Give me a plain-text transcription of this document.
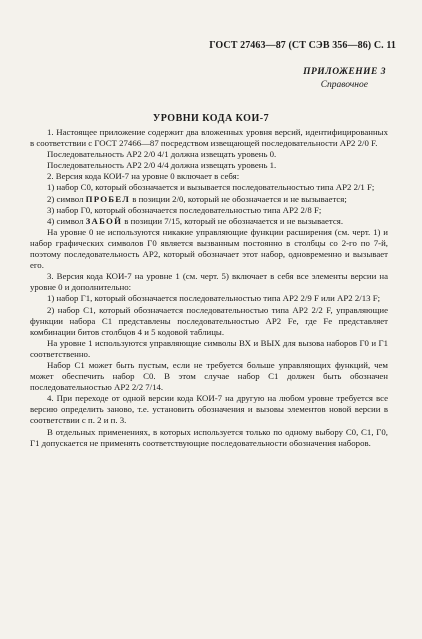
ГОСТ 27463—87 (СТ СЭВ 356—86) С. 11
ПРИЛОЖЕНИЕ 3
Справочное
УРОВНИ КОДА КОИ-7

1. Настоящее приложение содержит два вложенных уровня версий, идентифицированных в соответствии с ГОСТ 27466—87 посредством извещающей последовательности АР2 2/0 F.

Последовательность АР2 2/0 4/1 должна извещать уровень 0.

Последовательность АР2 2/0 4/4 должна извещать уровень 1.

2. Версия кода КОИ-7 на уровне 0 включает в себя:

1) набор С0, который обозначается и вызывается последовательностью типа АР2 2/1 F;

2) символ ПРОБЕЛ в позиции 2/0, который не обозначается и не вызывается;

3) набор Г0, который обозначается последовательностью типа АР2 2/8 F;

4) символ ЗАБОЙ в позиции 7/15, который не обозначается и не вызывается.

На уровне 0 не используются никакие управляющие функции расширения (см. черт. 1) и набор графических символов Г0 является вызванным постоянно в столбцы со 2-го по 7-й, поэтому последовательность АР2, который обозначает этот набор, одновременно и вызывает его.

3. Версия кода КОИ-7 на уровне 1 (см. черт. 5) включает в себя все элементы версии на уровне 0 и дополнительно:

1) набор Г1, который обозначается последовательностью типа АР2 2/9 F или АР2 2/13 F;

2) набор С1, который обозначается последовательностью типа АР2 2/2 F, управляющие функции набора С1 представлены последовательностью АР2 Fе, где Fе представляет комбинации битов столбцов 4 и 5 кодовой таблицы.

На уровне 1 используются управляющие символы ВХ и ВЫХ для вызова наборов Г0 и Г1 соответственно.

Набор С1 может быть пустым, если не требуется больше управляющих функций, чем может обеспечить набор С0. В этом случае набор С1 должен быть обозначен последовательностью АР2 2/2 7/14.

4. При переходе от одной версии кода КОИ-7 на другую на любом уровне требуется все версию определить заново, т.е. установить обозначения и вызовы элементов новой версии в соответствии с п. 2 и п. 3.

В отдельных применениях, в которых используется только по одному выбору С0, С1, Г0, Г1 допускается не применять соответствующие последовательности обозначения наборов.
